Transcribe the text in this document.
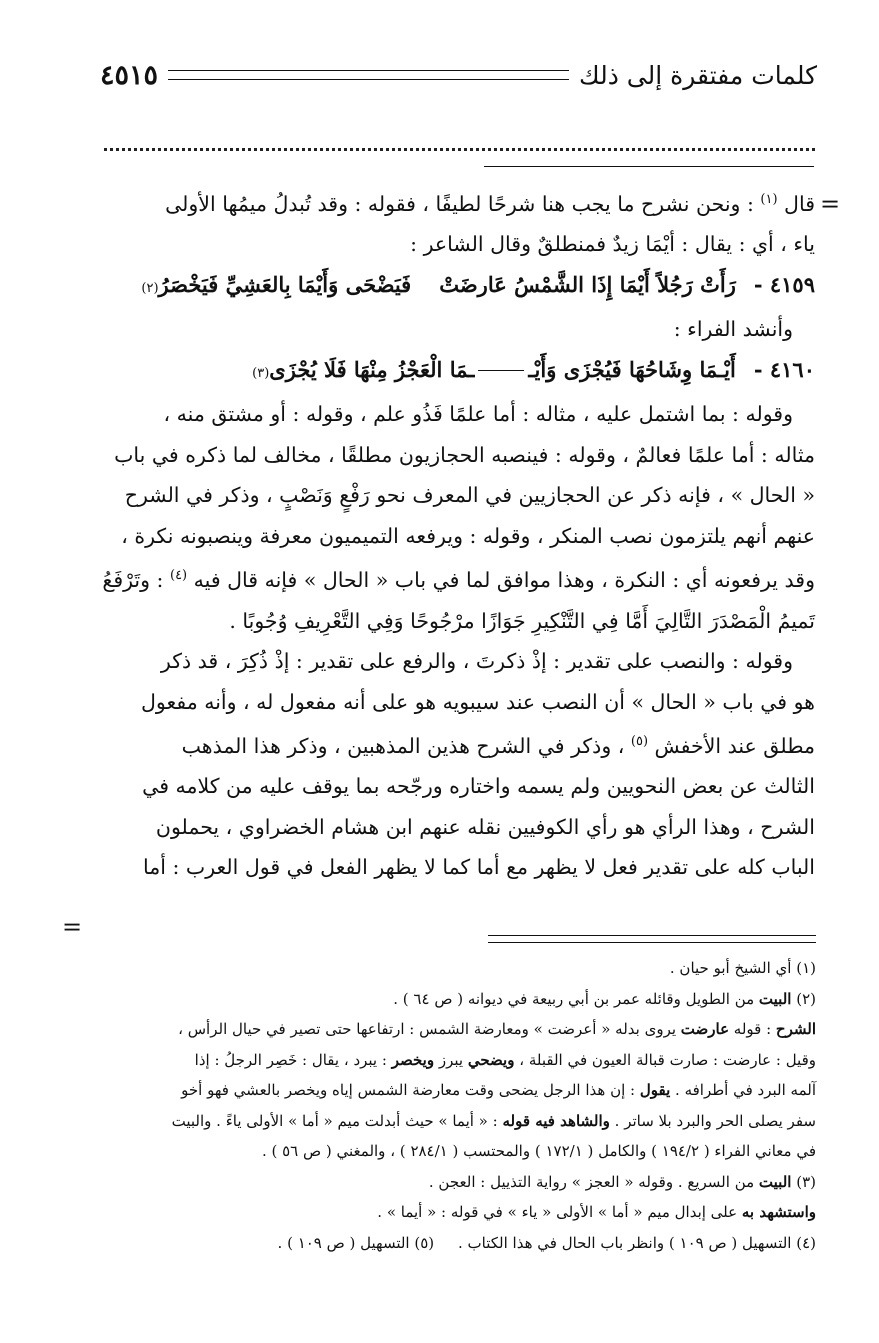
كلمات مفتقرة إلى ذلك
٤٥١٥
=
=

قال $^{(١)}$ : ونحن نشرح ما يجب هنا شرحًا لطيفًا ، فقوله : وقد تُبدلُ ميمُها الأولى

ياء ، أي : يقال : أيْمَا زيدٌ فمنطلقٌ وقال الشاعر :

٤١٥٩ -
رَأَتْ رَجُلاً أَيْمَا إِذَا الشَّمْسُ عَارضَتْ
فَيَضْحَى وَأَيْمَا بِالعَشِيِّ فَيَخْصَرُ
(٢)

وأنشد الفراء :

٤١٦٠ -
أَيْـمَا وِشَاحُهَا فَيُجْزَى وَأَيْـ
ـمَا الْعَجْزُ مِنْهَا فَلَا يُجْزَى
(٣)

وقوله : بما اشتمل عليه ، مثاله : أما علمًا فَذُو علم ، وقوله : أو مشتق منه ،

مثاله : أما علمًا فعالمٌ ، وقوله : فينصبه الحجازيون مطلقًا ، مخالف لما ذكره في باب

« الحال » ، فإنه ذكر عن الحجازيين في المعرف نحو رَفْعٍ وَنَصْبٍ ، وذكر في الشرح

عنهم أنهم يلتزمون نصب المنكر ، وقوله : ويرفعه التميميون معرفة وينصبونه نكرة ،

وقد يرفعونه أي : النكرة ، وهذا موافق لما في باب « الحال » فإنه قال فيه $^{(٤)}$ : وتَرْفَعُ

تَميمُ الْمَصْدَرَ التَّالِيَ أَمَّا فِي التَّنْكِيرِ جَوَازًا مرْجُوحًا وَفِي التَّعْرِيفِ وُجُوبًا .

وقوله : والنصب على تقدير : إذْ ذكرتَ ، والرفع على تقدير : إذْ ذُكِرَ ، قد ذكر

هو في باب « الحال » أن النصب عند سيبويه هو على أنه مفعول له ، وأنه مفعول

مطلق عند الأخفش $^{(٥)}$ ، وذكر في الشرح هذين المذهبين ، وذكر هذا المذهب

الثالث عن بعض النحويين ولم يسمه واختاره ورجّحه بما يوقف عليه من كلامه في

الشرح ، وهذا الرأي هو رأي الكوفيين نقله عنهم ابن هشام الخضراوي ، يحملون

الباب كله على تقدير فعل لا يظهر مع أما كما لا يظهر الفعل في قول العرب : أما

(١) أي الشيخ أبو حيان .

(٢) البيت من الطويل وقائله عمر بن أبي ربيعة في ديوانه ( ص ٦٤ ) .

الشرح : قوله عارضت يروى بدله « أعرضت » ومعارضة الشمس : ارتفاعها حتى تصير في حيال الرأس ،

وقيل : عارضت : صارت قبالة العيون في القبلة ، ويضحي يبرز ويخصر : يبرد ، يقال : خَصِر الرجلُ : إذا

آلمه البرد في أطرافه . يقول : إن هذا الرجل يضحى وقت معارضة الشمس إياه ويخصر بالعشي فهو أخو

سفر يصلى الحر والبرد بلا ساتر . والشاهد فيه قوله : « أيما » حيث أبدلت ميم « أما » الأولى ياءً . والبيت

في معاني الفراء ( ١٩٤/٢ ) والكامل ( ١٧٢/١ ) والمحتسب ( ٢٨٤/١ ) ، والمغني ( ص ٥٦ ) .

(٣) البيت من السريع . وقوله « العجز » رواية التذييل : العجن .

واستشهد به على إبدال ميم « أما » الأولى « ياء » في قوله : « أيما » .

(٤) التسهيل ( ص ١٠٩ ) وانظر باب الحال في هذا الكتاب .     (٥) التسهيل ( ص ١٠٩ ) .
